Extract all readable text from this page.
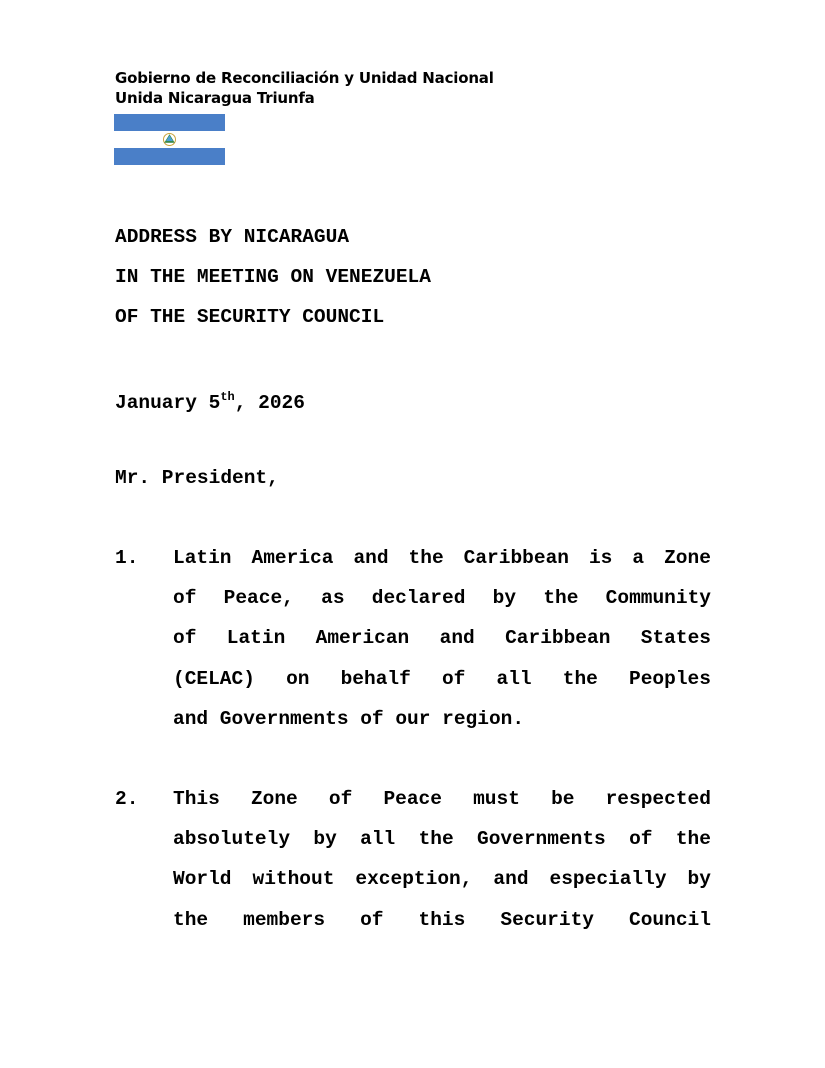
Gobierno de Reconciliación y Unidad Nacional
Unida Nicaragua Triunfa
ADDRESS BY NICARAGUA
IN THE MEETING ON VENEZUELA
OF THE SECURITY COUNCIL
January 5th, 2026
Mr. President,
1. Latin America and the Caribbean is a Zone
of Peace, as declared by the Community
of Latin American and Caribbean States
(CELAC) on behalf of all the Peoples
and Governments of our region.
2. This Zone of Peace must be respected
absolutely by all the Governments of the
World without exception, and especially by
the members of this Security Council
